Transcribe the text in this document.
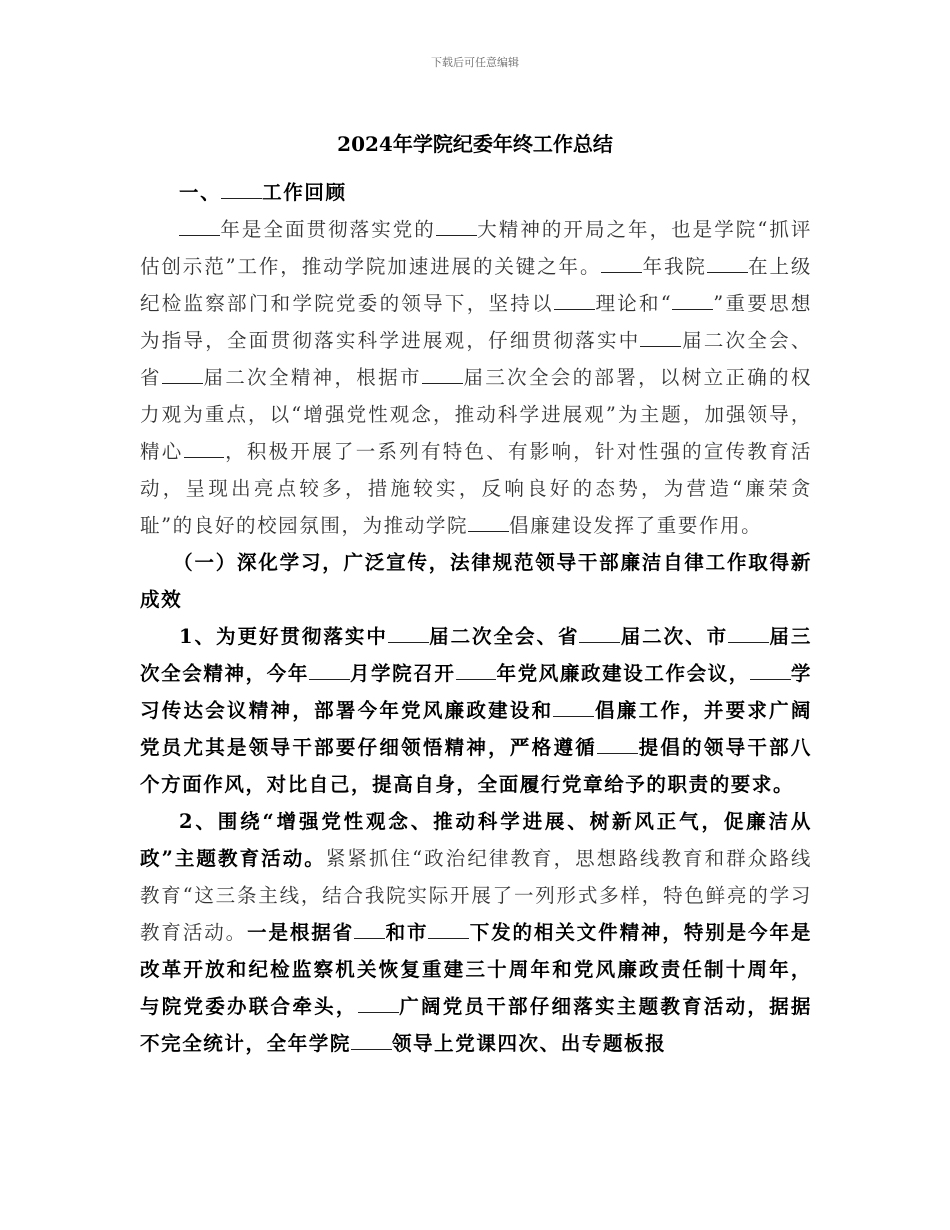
下载后可任意编辑
2024年学院纪委年终工作总结

一、 工作回顾

年是全面贯彻落实党的 大精神的开局之年，也是学院“抓评估创示范”工作，推动学院加速进展的关键之年。 年我院 在上级纪检监察部门和学院党委的领导下，坚持以 理论和“ ”重要思想为指导，全面贯彻落实科学进展观，仔细贯彻落实中 届二次全会、省 届二次全精神，根据市 届三次全会的部署，以树立正确的权力观为重点，以“增强党性观念，推动科学进展观”为主题，加强领导，精心 ，积极开展了一系列有特色、有影响，针对性强的宣传教育活动，呈现出亮点较多，措施较实，反响良好的态势，为营造“廉荣贪耻”的良好的校园氛围，为推动学院 倡廉建设发挥了重要作用。

（一）深化学习，广泛宣传，法律规范领导干部廉洁自律工作取得新成效

1、为更好贯彻落实中 届二次全会、省 届二次、市 届三次全会精神，今年 月学院召开 年党风廉政建设工作会议， 学习传达会议精神，部署今年党风廉政建设和 倡廉工作，并要求广阔党员尤其是领导干部要仔细领悟精神，严格遵循 提倡的领导干部八个方面作风，对比自己，提高自身，全面履行党章给予的职责的要求。

2、围绕“增强党性观念、推动科学进展、树新风正气，促廉洁从政”主题教育活动。紧紧抓住“政治纪律教育，思想路线教育和群众路线教育“这三条主线，结合我院实际开展了一列形式多样，特色鲜亮的学习教育活动。一是根据省 和市 下发的相关文件精神，特别是今年是改革开放和纪检监察机关恢复重建三十周年和党风廉政责任制十周年，与院党委办联合牵头， 广阔党员干部仔细落实主题教育活动，据据不完全统计，全年学院 领导上党课四次、出专题板报
